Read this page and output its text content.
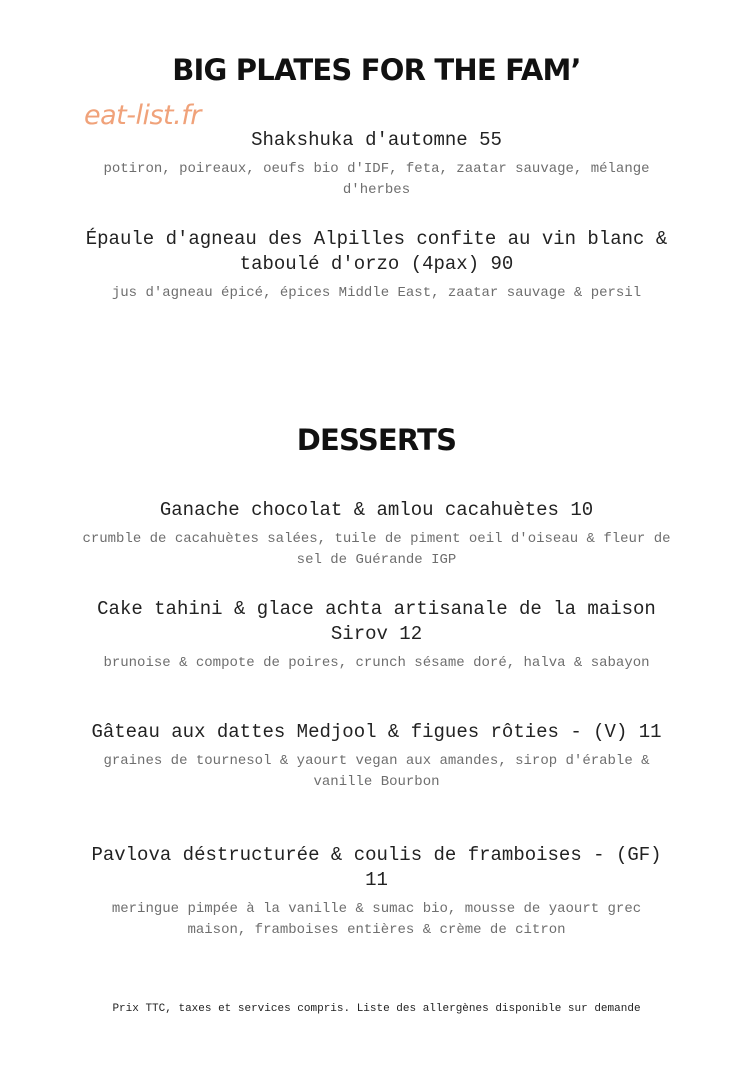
BIG PLATES FOR THE FAM’
eat-list.fr

Shakshuka d'automne 55

potiron, poireaux, oeufs bio d'IDF, feta, zaatar sauvage, mélange d'herbes

Épaule d'agneau des Alpilles confite au vin blanc & taboulé d'orzo (4pax) 90

jus d'agneau épicé, épices Middle East, zaatar sauvage & persil

DESSERTS

Ganache chocolat & amlou cacahuètes 10

crumble de cacahuètes salées, tuile de piment oeil d'oiseau & fleur de sel de Guérande IGP

Cake tahini & glace achta artisanale de la maison Sirov 12

brunoise & compote de poires, crunch sésame doré, halva & sabayon

Gâteau aux dattes Medjool & figues rôties - (V) 11

graines de tournesol & yaourt vegan aux amandes, sirop d'érable & vanille Bourbon

Pavlova déstructurée & coulis de framboises - (GF) 11

meringue pimpée à la vanille & sumac bio, mousse de yaourt grec maison, framboises entières & crème de citron

Prix TTC, taxes et services compris. Liste des allergènes disponible sur demande
